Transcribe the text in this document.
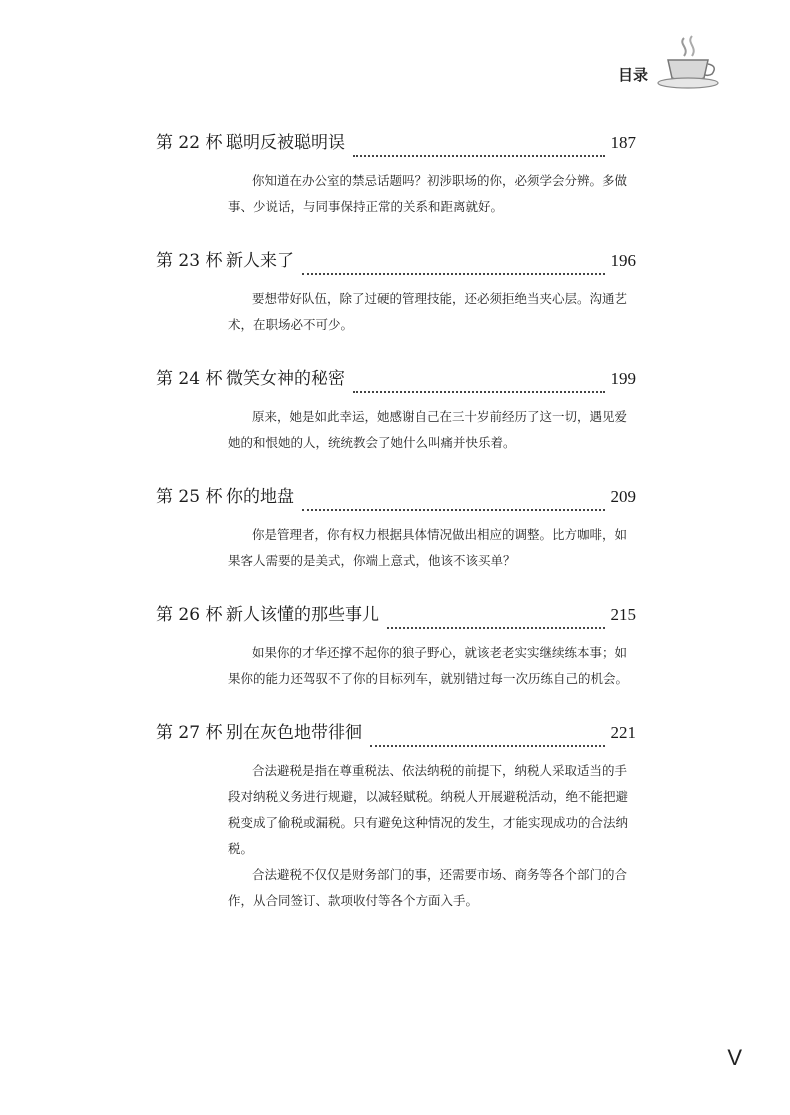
目录
第 22 杯 聪明反被聪明误	187

你知道在办公室的禁忌话题吗？初涉职场的你，必须学会分辨。多做事、少说话，与同事保持正常的关系和距离就好。

第 23 杯 新人来了	196

要想带好队伍，除了过硬的管理技能，还必须拒绝当夹心层。沟通艺术，在职场必不可少。

第 24 杯 微笑女神的秘密	199

原来，她是如此幸运，她感谢自己在三十岁前经历了这一切，遇见爱她的和恨她的人，统统教会了她什么叫痛并快乐着。

第 25 杯 你的地盘	209

你是管理者，你有权力根据具体情况做出相应的调整。比方咖啡，如果客人需要的是美式，你端上意式，他该不该买单？

第 26 杯 新人该懂的那些事儿	215

如果你的才华还撑不起你的狼子野心，就该老老实实继续练本事；如果你的能力还驾驭不了你的目标列车，就别错过每一次历练自己的机会。

第 27 杯 别在灰色地带徘徊	221

合法避税是指在尊重税法、依法纳税的前提下，纳税人采取适当的手段对纳税义务进行规避，以减轻赋税。纳税人开展避税活动，绝不能把避税变成了偷税或漏税。只有避免这种情况的发生，才能实现成功的合法纳税。

合法避税不仅仅是财务部门的事，还需要市场、商务等各个部门的合作，从合同签订、款项收付等各个方面入手。

V
